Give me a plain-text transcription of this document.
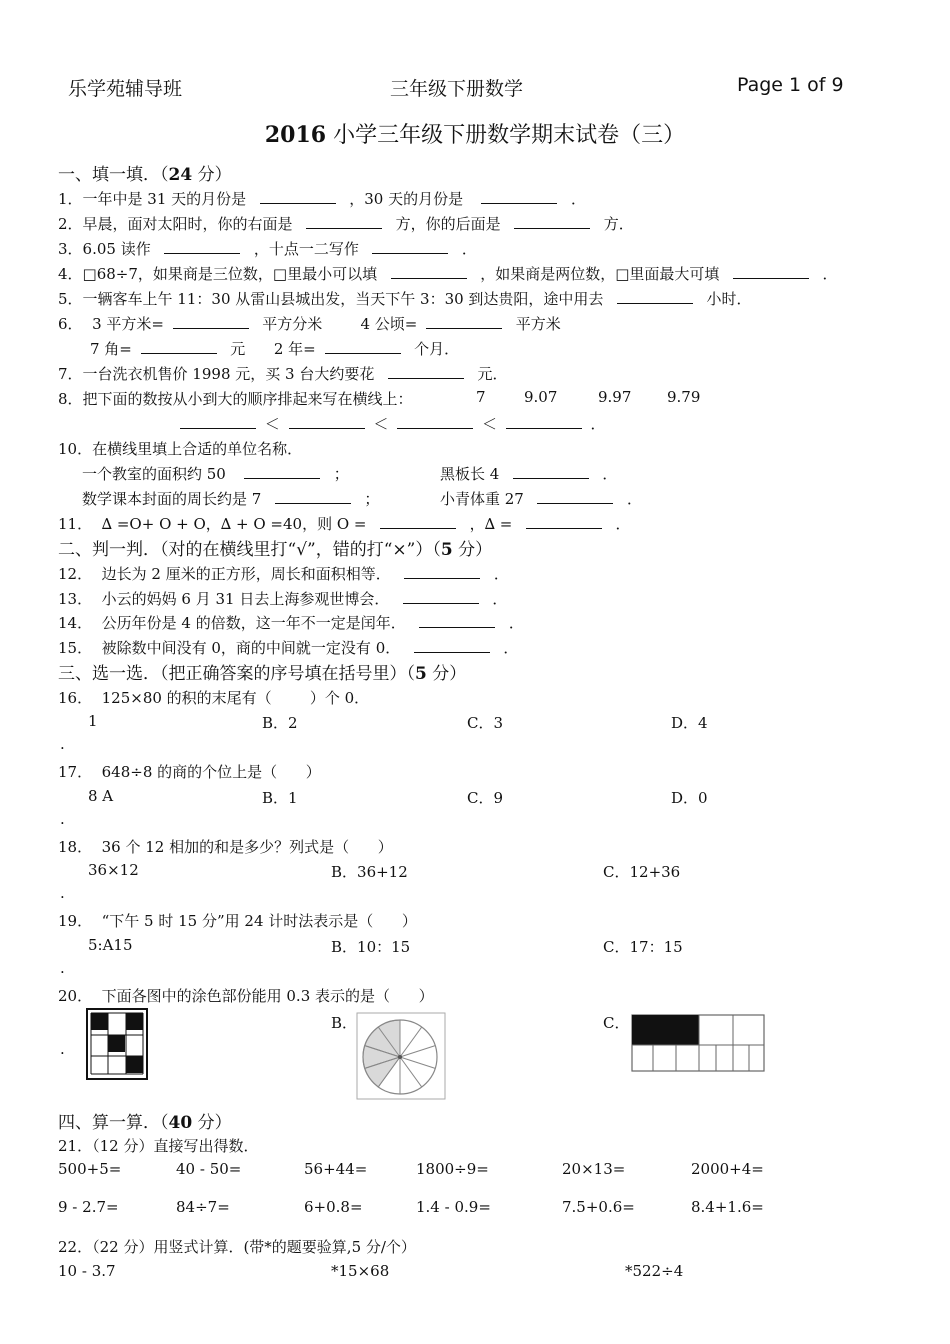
乐学苑辅导班	三年级下册数学	Page 1 of 9
2016 小学三年级下册数学期末试卷（三）
一、填一填．（24 分）
1．一年中是 31 天的月份是	，30 天的月份是	．
2．早晨，面对太阳时，你的右面是	方，你的后面是	方．
3．6.05 读作	，十点一二写作	．
4．□68÷7，如果商是三位数，□里最小可以填	，如果商是两位数，□里面最大可填	．
5．一辆客车上午 11：30 从雷山县城出发，当天下午 3：30 到达贵阳，途中用去	小时．
6．  3 平方米=	平方分米	4 公顷=	平方米
7 角=	元 2 年=	个月．
7．一台洗衣机售价 1998 元，买 3 台大约要花	元．
8．把下面的数按从小到大的顺序排起来写在横线上：	7	9.07	9.97 9.79
＜	＜	＜	．
10．在横线里填上合适的单位名称．
一个教室的面积约 50	；	黑板长 4	．
数学课本封面的周长约是 7	；	小青体重 27	．
11．  ∆ =O+ O + O，∆ + O =40，则 O =	，∆ =	．
二、判一判．（对的在横线里打“√”，错的打“×”）（5 分）
12．  边长为 2 厘米的正方形，周长和面积相等．	．
13．  小云的妈妈 6 月 31 日去上海参观世博会．	．
14．  公历年份是 4 的倍数，这一年不一定是闰年．	．
15．  被除数中间没有 0，商的中间就一定没有 0．	．
三、选一选．（把正确答案的序号填在括号里）（5 分）
16．  125×80 的积的末尾有（        ）个 0．
1	B．2	C．3	D．4
.
17．  648÷8 的商的个位上是（      ）
8 A	B．1	C．9	D．0
.
18．  36 个 12 相加的和是多少？列式是（      ）
36×12	B．36+12	C．12+36
.
19．  “下午 5 时 15 分”用 24 计时法表示是（      ）
5:A15	B．10：15	C．17：15
.
20．  下面各图中的涂色部份能用 0.3 表示的是（      ）
.
B．	C．
四、算一算．（40 分）
21．（12 分）直接写出得数．
500+5=	40 - 50=	56+44=	1800÷9=	20×13=	2000+4=
9 - 2.7=	84÷7=	6+0.8=	1.4 - 0.9=	7.5+0.6=	8.4+1.6=
22．（22 分）用竖式计算．(带*的题要验算,5 分/个）
10 - 3.7	*15×68	*522÷4
